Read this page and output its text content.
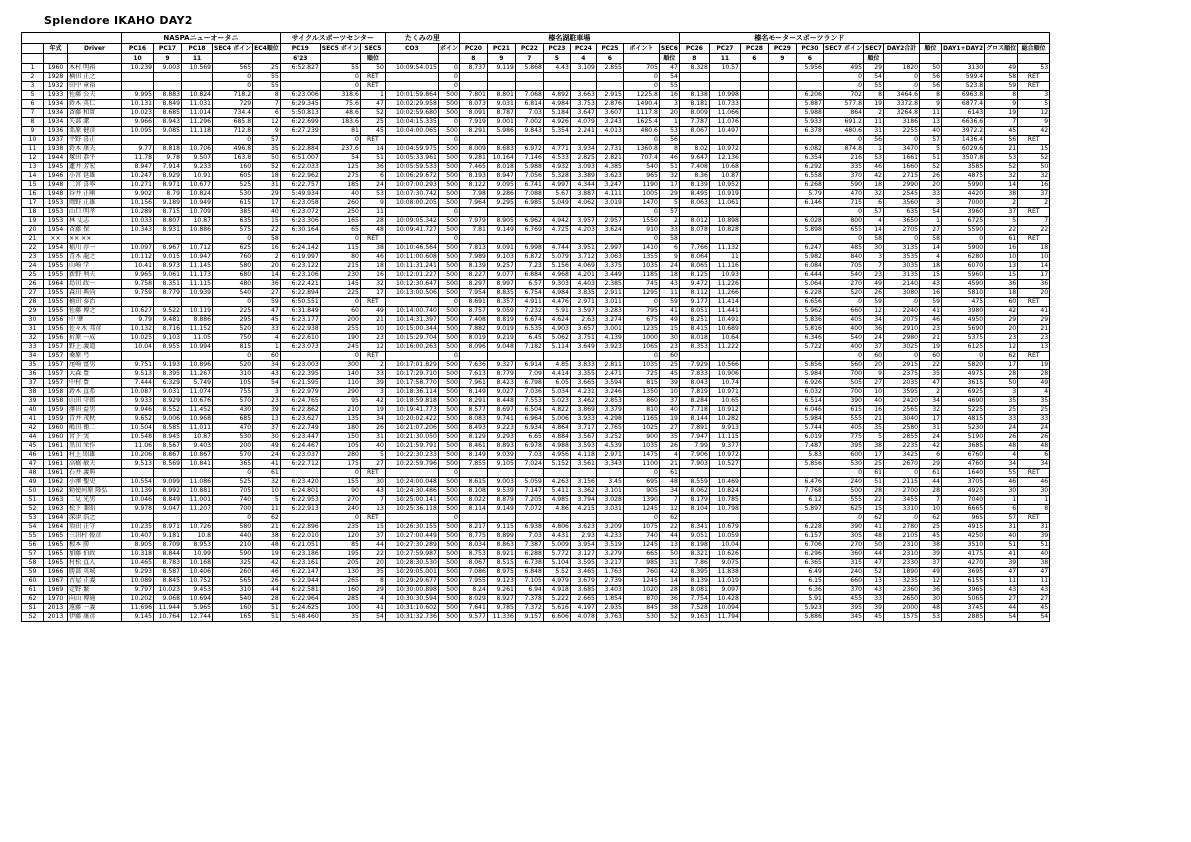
Splendore IKAHO DAY2
			NASPAニューオータニ					サイクルスポーツセンター			たくみの里		榛名湖駐車場								榛名モータースポーツランド											
	年式	Driver	PC16	PC17	PC18	SEC4 ポイン	EC4順位	PC19	SEC5 ポイン	SEC5	CO3	ポイン	PC20	PC21	PC22	PC23	PC24	PC25	ポイント	SEC6	PC26	PC27	PC28	PC29	PC30	SEC7 ポイン	SEC7	DAY2合計	順位	DAY1+DAY2	グロス順位	総合順位
			10	9	11			6'23		順位			8	9	7	5	4	6		順位	8	11	6	9	6		順位					
1	1960	木村 明裕	10.239	9.003	10.569	565	25	6:52.827	55	50	10:09:54.015	0	8.737	9.119	5.868	4.43	3.109	2.855	705	47	8.328	10.57			5.956	495	29	1820	50	3130	49	53
2	1928	楠田 正之				0	55		0	RET		0							0	54						0	54	0	56	599.4	58	RET
3	1932	田中 章裕				0	55		0	RET		0							0	55						0	55	0	56	523.8	59	RET
5	1933	佐藤 公夫	9.995	8.883	10.824	718.2	8	6:23.006	318.6	1	10:01:59.864	500	7.801	8.801	7.068	4.892	3.663	2.915	1225.8	16	8.138	10.998			6.206	702	8	3464.6	8	6963.8	8	3
6	1934	鈴木 英仁	10.131	8.849	11.031	729	7	6:29.345	75.6	47	10:02:29.958	500	8.073	9.031	6.814	4.984	3.753	2.876	1490.4	3	8.181	10.733			5.887	577.8	19	3372.8	9	6877.4	9	5
7	1934	斉藤 和實	10.023	8.685	11.014	734.4	6	5:50.813	48.6	52	10:02:59.680	500	8.091	8.787	7.03	5.184	3.647	3.607	1117.8	20	8.009	11.066			5.988	864	2	3264.8	11	6143	19	12
8	1934	矢部 潔	9.966	8.943	11.296	685.8	12	6:22.699	183.6	25	10:04:15.335	0	7.919	9.001	7.002	4.926	4.079	3.243	1625.4	1	7.787	11.076			5.933	691.2	11	3186	13	6636.6	7	9
9	1936	栗原 健彦	10.095	9.085	11.118	712.8	9	6:27.239	81	45	10:04:00.065	500	8.291	5.986	9.843	5.354	2.241	4.013	480.6	53	8.067	10.497			6.378	480.6	31	2255	40	3972.2	45	42
10	1937	平野 喜正				0	57		0	RET		0							0	56						0	56	0	57	1436.4	56	RET
11	1938	鈴木 康夫	9.77	8.818	10.706	496.8	35	6:22.884	237.6	14	10:04:59.975	500	8.009	8.683	6.972	4.771	3.934	2.731	1360.8	8	8.02	10.972			6.082	874.8	1	3470	5	6029.6	21	15
12	1944	塚田 恭平	11.78	9.78	9.507	163.8	50	6:51.007	54	51	10:05:33.961	500	9.281	10.164	7.146	4.533	2.825	2.821	707.4	46	9.647	12.136			6.354	216	53	1661	51	3507.8	53	52
13	1945	蓮井 芳宏	8.947	7.914	9.233	160	52	6:22.033	125	36	10:05:59.533	500	7.465	8.018	5.988	4.932	3.093	4.385	540	51	7.408	10.68			6.292	335	46	1660	52	3585	52	50
14	1946	小宮 延雄	10.247	8.929	10.91	605	18	6:22.962	275	6	10:06:29.672	500	8.193	8.947	7.056	5.328	3.389	3.623	965	32	8.36	10.87			6.558	370	42	2715	26	4875	32	32
15	1948	二宮 喜寧	10.271	8.971	10.677	525	31	6:22.757	185	24	10:07:00.293	500	8.122	9.095	6.741	4.997	4.344	3.247	1190	17	8.139	10.952			6.268	590	18	2990	20	5990	14	16
16	1948	谷井 正剛	9.902	8.79	10.824	530	29	5:49.934	40	53	10:07:30.742	500	7.98	9.286	7.088	5.67	3.887	4.111	1005	29	8.495	10.919			5.79	470	32	2545	33	4420	38	37
17	1953	岡野 正雄	10.156	9.189	10.949	615	17	6:23.058	260	9	10:08:00.205	500	7.964	9.295	6.985	5.049	4.062	3.019	1470	5	8.063	11.061			6.146	715	6	3560	3	7000	2	2
18	1953	山口 明孝	10.289	8.715	10.709	385	40	6:23.072	250	11		0							0	57						0	57	635	54	3960	37	RET
19	1953	林 丈志	10.033	8.807	10.87	635	15	6:23.306	165	28	10:09:05.342	500	7.979	8.905	6.962	4.942	3.957	2.957	1550	2	8.012	10.898			6.028	800	4	3650	1	6725	5	7
20	1954	斉藤 保	10.343	8.931	10.886	575	22	6:30.164	65	48	10:09:41.727	500	7.81	9.149	6.769	4.725	4.203	3.624	910	33	8.078	10.828			5.898	655	14	2705	27	5590	22	22
21	××	×× ××				0	58		0	RET		0							0	58						0	58	0	58	0	61	RET
22	1954	稲川 淳一	10.097	8.967	10.712	625	16	6:24.142	115	38	10:10:46.564	500	7.813	9.091	6.998	4.744	3.951	2.997	1410	6	7.766	11.132			6.247	485	30	3135	14	5900	16	18
23	1955	青木 龍之	10.112	9.015	10.947	760	2	6:19.997	80	46	10:11:00.608	500	7.989	9.103	6.872	5.079	3.712	3.063	1355	9	8.064	11			5.982	840	3	3535	4	6280	10	10
24	1955	山崎 学	10.41	8.973	11.145	580	20	6:23.122	215	18	10:11:31.241	500	8.139	9.257	7.23	5.156	4.069	3.375	1035	24	8.065	11.116			6.084	705	7	3035	18	6070	13	14
25	1955	新野 利夫	9.965	9.061	11.173	680	14	6:23.106	230	16	10:12:01.227	500	8.227	9.077	6.884	4.968	4.201	3.449	1185	18	8.125	10.93			6.444	540	23	3135	15	5960	15	17
26	1964	島田 政一	9.758	8.351	11.115	480	36	6:22.421	145	32	10:12:30.647	500	8.297	8.997	6.57	9.303	4.403	2.385	745	43	9.472	11.226			5.064	270	49	2140	43	4590	36	36
27	1955	森田 典尚	9.759	8.779	10.939	540	27	6:22.894	225	17	10:13:00.506	500	7.954	8.835	6.754	4.984	3.835	2.911	1295	11	8.112	11.266			6.228	520	26	3080	16	5810	18	20
28	1955	桶田 泰治				0	59	6:50.551	0	RET		0	8.691	8.357	4.911	4.476	2.971	3.011	0	59	9.177	11.414			6.656	0	59	0	59	475	60	RET
29	1955	佐藤 博之	10.627	9.522	10.119	225	47	6:31.849	60	49	10:14:00.740	500	8.757	9.059	7.232	5.91	3.597	3.283	795	41	8.051	11.441			5.962	660	12	2240	41	3980	42	41
30	1956	中 肇	9.79	9.481	8.886	295	45	6:23.177	200	21	10:14:31.397	500	7.408	8.819	6.674	4.624	2.63	3.274	675	49	8.251	10.491			5.836	405	34	2075	46	4950	29	29
31	1956	佐々木 邦彦	10.132	8.716	11.152	520	33	6:22.938	255	10	10:15:00.344	500	7.882	9.019	6.535	4.903	3.657	3.001	1235	15	8.415	10.689			5.816	400	36	2910	23	5690	20	21
32	1956	折原 一成	10.025	9.103	11.05	750	4	6:22.610	190	23	10:15:29.704	500	8.019	9.219	6.45	5.062	3.751	4.139	1000	30	8.018	10.64			6.346	540	24	2980	21	5375	23	23
33	1957	野上 義道	10.04	8.955	10.994	815	1	6:23.073	245	12	10:16:00.263	500	8.096	9.048	7.182	5.114	3.649	3.923	1065	23	8.353	11.222			5.722	400	37	3025	19	6125	12	13
34	1957	桑原 弓				0	60		0	RET		0							0	60						0	60	0	60	0	62	RET
35	1957	尾崎 富男	9.751	9.193	10.896	520	34	6:23.003	300	2	10:17:01.829	500	7.636	9.327	6.914	4.85	3.833	2.811	1035	25	7.929	10.566			5.856	560	20	2915	22	5820	17	19
36	1957	大森 豊	9.513	8.395	11.267	310	43	6:22.395	140	33	10:17:29.710	500	7.613	8.779	7.09	4.414	3.355	2.471	725	45	7.833	10.906			5.984	700	9	2375	35	4975	28	28
37	1957	中村 豊	7.444	6.329	5.749	105	54	6:21.595	110	39	10:17:58.770	500	7.961	8.423	6.798	6.05	3.665	3.594	815	39	8.043	10.74			6.926	505	27	2035	47	3615	50	49
38	1958	鈴木 直希	10.087	9.031	11.074	755	3	6:22.979	290	3	10:18:36.114	500	8.149	9.027	7.036	5.034	4.231	3.246	1350	10	7.819	10.971			6.032	700	10	3595	2	6925	3	4
39	1958	山田 守郎	9.933	8.929	10.676	570	23	6:24.765	95	42	10:18:59.818	500	8.291	8.448	7.553	5.023	3.462	2.853	860	37	8.284	10.65			6.514	390	40	2420	34	4690	35	35
40	1959	澤田 益男	9.946	8.552	11.452	430	39	6:22.862	210	19	10:19:41.773	500	8.577	8.697	6.504	4.822	3.869	3.379	810	40	7.718	10.912			6.046	615	16	2565	32	5225	25	25
41	1959	青井 茂秋	9.652	9.006	10.968	685	13	6:23.627	135	34	10:20:02.422	500	8.083	9.741	6.964	5.006	3.933	4.298	1165	19	8.144	10.282			5.984	555	21	3040	17	4815	33	33
42	1960	嶋田 衛二	10.504	8.585	11.011	470	37	6:22.749	180	26	10:21:07.206	500	8.493	9.223	6.934	4.864	3.717	2.765	1025	27	7.891	9.913			5.744	405	35	2580	31	5230	24	24
44	1960	宮下 実	10.548	8.945	10.87	530	30	6:23.447	150	31	10:21:30.050	500	8.129	9.293	6.65	4.884	3.567	3.252	900	35	7.947	11.115			6.019	775	5	2855	24	5190	26	26
45	1961	黒田 栄作	11.06	8.567	9.403	200	49	6:24.467	105	40	10:21:59.791	500	8.461	8.893	6.978	4.988	3.593	4.539	1035	26	7.99	9.377			7.487	395	38	2235	42	3685	48	48
46	1961	村上 昭雄	10.206	8.867	10.867	570	24	6:23.037	280	5	10:22:30.233	500	8.149	9.039	7.03	4.956	4.118	2.971	1475	4	7.906	10.972			5.83	600	17	3425	6	6760	4	6
47	1961	高橋 敏夫	9.513	8.569	10.841	365	41	6:22.712	175	27	10:22:59.796	500	7.855	9.105	7.024	5.152	3.561	3.343	1100	21	7.903	10.527			5.856	530	25	2670	29	4760	34	34
48	1961	石井 義典				0	61		0	RET		0							0	61						0	61	0	61	1640	55	RET
49	1962	小澤 聖史	10.554	9.099	11.086	525	32	6:23.420	155	30	10:24:00.048	500	8.615	9.003	5.059	4.263	3.156	3.45	695	48	8.559	10.469			6.476	240	51	2115	44	3705	46	46
50	1962	勅使河原 隆弘	10.139	8.992	10.881	705	10	6:24.801	90	43	10:24:30.486	500	8.108	9.539	7.147	5.411	3.362	3.101	905	34	8.062	10.824			7.768	500	28	2700	28	4925	30	30
51	1963	二見 光男	10.046	8.849	11.001	740	5	6:22.953	270	7	10:25:00.141	500	8.022	8.879	7.205	4.985	3.794	3.028	1390	7	8.179	10.785			6.12	555	22	3455	7	7040	1	1
52	1963	松下 兼昭	9.978	9.047	11.207	700	11	6:22.913	240	13	10:25:36.118	500	8.114	9.149	7.072	4.86	4.215	3.031	1245	12	8.104	10.798			5.897	625	15	3310	10	6665	6	8
53	1964	深津 浩之				0	62		0	RET		0							0	62						0	62	0	62	965	57	RET
54	1964	須田 正守	10.235	8.971	10.726	580	21	6:22.896	235	15	10:26:30.155	500	8.217	9.115	6.938	4.806	3.623	3.209	1075	22	8.341	10.679			6.228	390	41	2780	25	4915	31	31
55	1965	三田村 俊彦	10.407	9.181	10.8	440	38	6:22.010	120	37	10:27:00.449	500	8.775	8.899	7.03	4.431	2.93	4.233	740	44	9.051	10.059			6.157	305	48	2105	45	4250	40	39
56	1965	根本 勝	8.905	8.709	8.953	210	48	6:21.051	85	44	10:27:30.289	500	8.034	8.863	7.387	5.009	3.954	3.519	1245	13	8.198	10.04			6.706	270	50	2310	38	3510	51	51
57	1965	加藤 伯政	10.318	8.844	10.99	590	19	6:23.186	195	22	10:27:59.987	500	8.753	8.921	6.288	5.772	3.127	3.279	665	50	8.321	10.626			6.296	360	44	2310	39	4175	41	40
58	1965	村松 直人	10.465	8.783	10.168	325	42	6:23.161	205	20	10:28:30.530	500	8.067	8.515	6.738	5.104	3.595	3.217	985	31	7.86	9.075			6.365	315	47	2330	37	4270	39	38
59	1966	勝部 英城	9.293	8.587	10.406	260	46	6:22.147	130	35	10:29:05.001	500	7.086	8.975	6.848	5.52	3.465	1.763	760	42	8.395	11.838			6.49	240	52	1890	49	3695	47	47
60	1967	古屋 正義	10.089	8.845	10.752	565	26	6:22.944	265	8	10:29:29.677	500	7.955	9.123	7.105	4.979	3.679	2.739	1245	14	8.139	11.019			6.15	660	13	3235	12	6155	11	11
61	1969	定野 繁	9.797	10.023	9.453	310	44	6:22.581	160	29	10:30:00.898	500	8.24	9.261	6.94	4.918	3.685	3.403	1020	28	8.081	9.097			6.36	370	43	2360	36	3965	43	43
62	1970	向山 博通	10.202	9.068	10.694	540	28	6:22.964	285	4	10:30:30.594	500	8.029	8.927	7.378	5.222	2.665	1.854	870	36	7.754	10.428			5.91	455	33	2650	30	5065	27	27
S1	2013	遠藤 一義	11.696	11.944	5.965	160	51	6:24.625	100	41	10:31:10.602	500	7.641	9.785	7.372	5.616	4.197	2.935	845	38	7.528	10.094			5.923	395	39	2000	48	3745	44	45
S2	2013	伊藤 康彦	9.145	10.764	12.744	165	51	5:48.460	35	54	10:31:32.736	500	9.577	11.336	9.157	6.606	4.078	3.763	530	52	9.163	11.794			5.886	345	45	1575	53	2885	54	54
